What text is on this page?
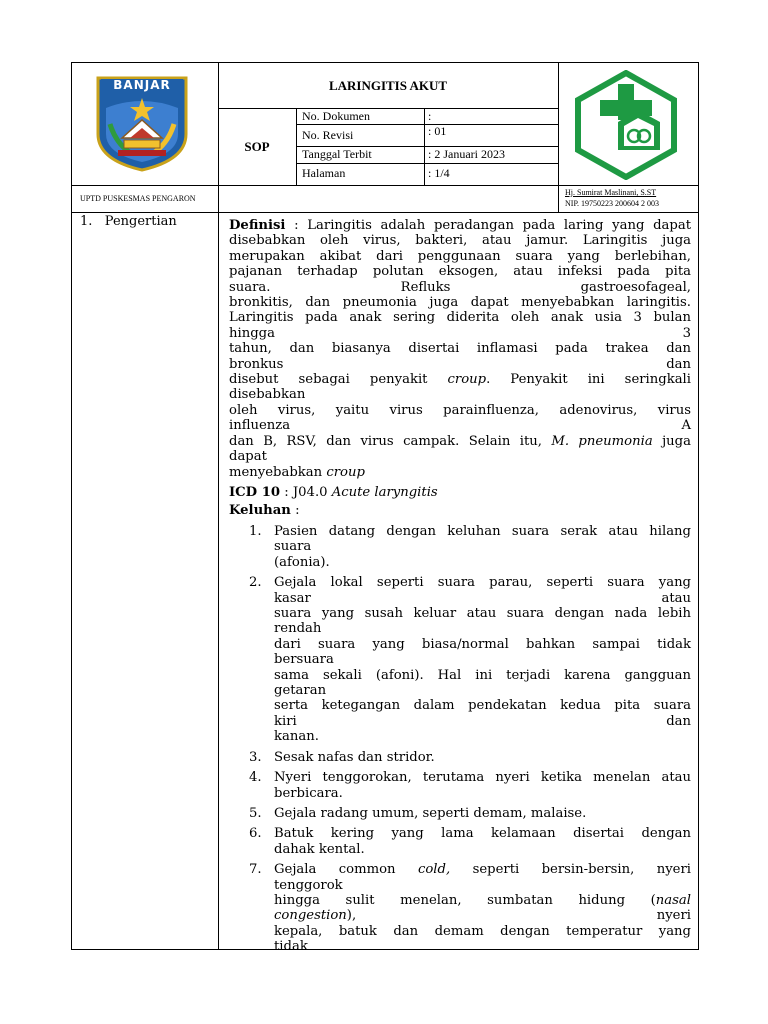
BANJAR	LARINGITIS AKUT
SOP
No. Dokumen	:
No. Revisi	: 01
Tanggal Terbit	: 2 Januari 2023
Halaman	: 1/4
UPTD PUSKESMAS PENGARON
Hj. Sumirat Maslinani, S.ST
NIP. 19750223 200604 2 003
1.   Pengertian	Definisi : Laringitis adalah peradangan pada laring yang dapat
disebabkan oleh virus, bakteri, atau jamur. Laringitis juga
merupakan akibat dari penggunaan suara yang berlebihan,
pajanan terhadap polutan eksogen, atau infeksi pada pita
suara.                    Refluks                    gastroesofageal,
bronkitis, dan pneumonia juga dapat menyebabkan laringitis.
Laringitis pada anak sering diderita oleh anak usia 3 bulan
hingga                                                                          3
tahun, dan biasanya disertai inflamasi pada trakea dan
bronkus                                                                     dan
disebut sebagai penyakit croup. Penyakit ini seringkali
disebabkan
oleh virus, yaitu virus parainfluenza, adenovirus, virus
influenza                                                                       A
dan B, RSV, dan virus campak. Selain itu, M. pneumonia juga
dapat
menyebabkan croup
ICD 10 : J04.0 Acute laryngitis
Keluhan :
1. Pasien datang dengan keluhan suara serak atau hilang
suara
(afonia).
2. Gejala lokal seperti suara parau, seperti suara yang
kasar                                                                      atau
suara yang susah keluar atau suara dengan nada lebih
rendah
dari suara yang biasa/normal bahkan sampai tidak
bersuara
sama sekali (afoni). Hal ini terjadi karena gangguan
getaran
serta ketegangan dalam pendekatan kedua pita suara
kiri                                                                              dan
kanan.
3. Sesak nafas dan stridor.
4. Nyeri tenggorokan, terutama nyeri ketika menelan atau
berbicara.
5. Gejala radang umum, seperti demam, malaise.
6. Batuk kering yang lama kelamaan disertai dengan
dahak kental.
7. Gejala     common     cold,     seperti     bersin-bersin,     nyeri
tenggorok
hingga     sulit     menelan,     sumbatan     hidung     (nasal
congestion),                                                                nyeri
kepala, batuk dan demam dengan temperatur yang
tidak
